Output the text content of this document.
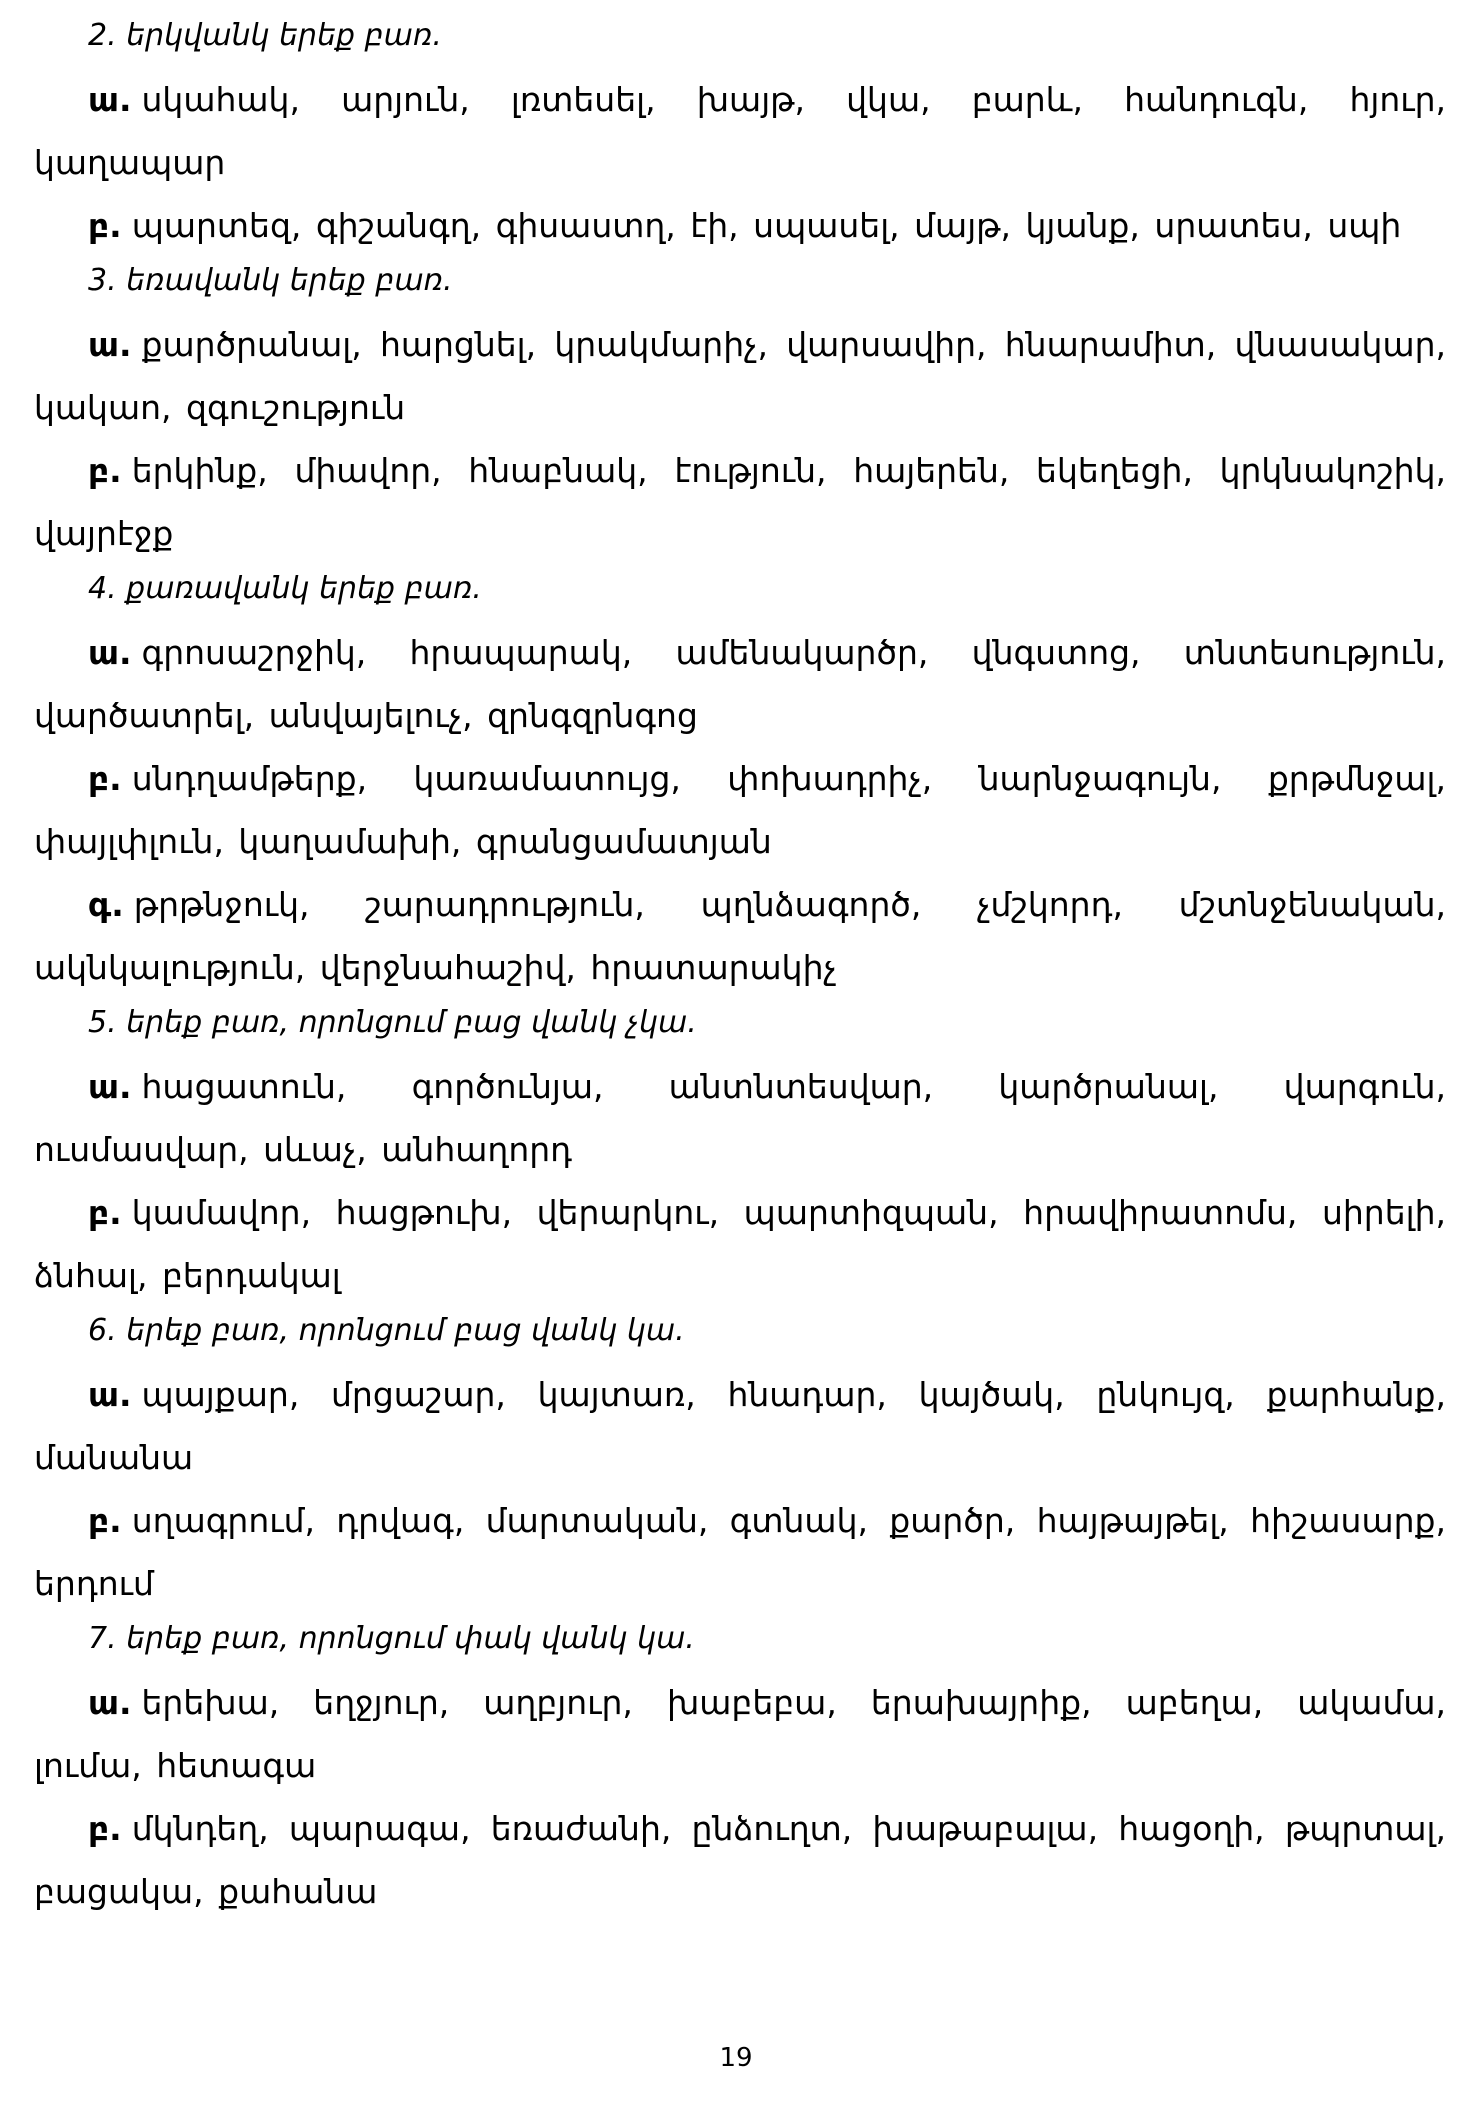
2. երկվանկ երեք բառ.

ա. սկահակ, արյուն, լռտեսել, խայթ, վկա, բարև, հանդուգն, հյուր, կաղապար

բ. պարտեզ, գիշանգղ, գիսաստղ, էի, սպասել, մայթ, կյանք, սրատես, սպի

3. եռավանկ երեք բառ.

ա. քարծրանալ, հարցնել, կրակմարիչ, վարսավիր, հնարամիտ, վնասակար, կակաո, զգուշություն

բ. երկինք, միավոր, հնաբնակ, էություն, հայերեն, եկեղեցի, կրկնակոշիկ, վայրէջք

4. քառավանկ երեք բառ.

ա. գրոսաշրջիկ, հրապարակ, ամենակարծր, վնգստոց, տնտեսություն, վարծատրել, անվայելուչ, զրնգզրնգոց

բ. սնդղամթերք, կառամատույց, փոխադրիչ, նարնջագույն, քրթմնջալ, փայլփլուն, կաղամախի, գրանցամատյան

գ. թրթնջուկ, շարադրություն, պղնձագործ, չմշկորդ, մշտնջենական, ակնկալություն, վերջնահաշիվ, հրատարակիչ

5. երեք բառ, որոնցում բաց վանկ չկա.

ա. հացատուն, գործունյա, անտնտեսվար, կարծրանալ, վարգուն, ուսմասվար, սևաչ, անհաղորդ

բ. կամավոր, հացթուխ, վերարկու, պարտիզպան, հրավիրատոմս, սիրելի, ձնհալ, բերդակալ

6. երեք բառ, որոնցում բաց վանկ կա.

ա. պայքար, մրցաշար, կայտառ, հնադար, կայծակ, ընկույզ, քարհանք, մանանա

բ. սղագրում, դրվագ, մարտական, գտնակ, քարծր, հայթայթել, հիշասարք, երդում

7. երեք բառ, որոնցում փակ վանկ կա.

ա. երեխա, եղջյուր, աղբյուր, խաբեբա, երախայրիք, աբեղա, ակամա, լումա, հետագա

բ. մկնդեղ, պարագա, եռաժանի, ընձուղտ, խաթաբալա, հացօղի, թպրտալ, բացակա, քահանա

19
